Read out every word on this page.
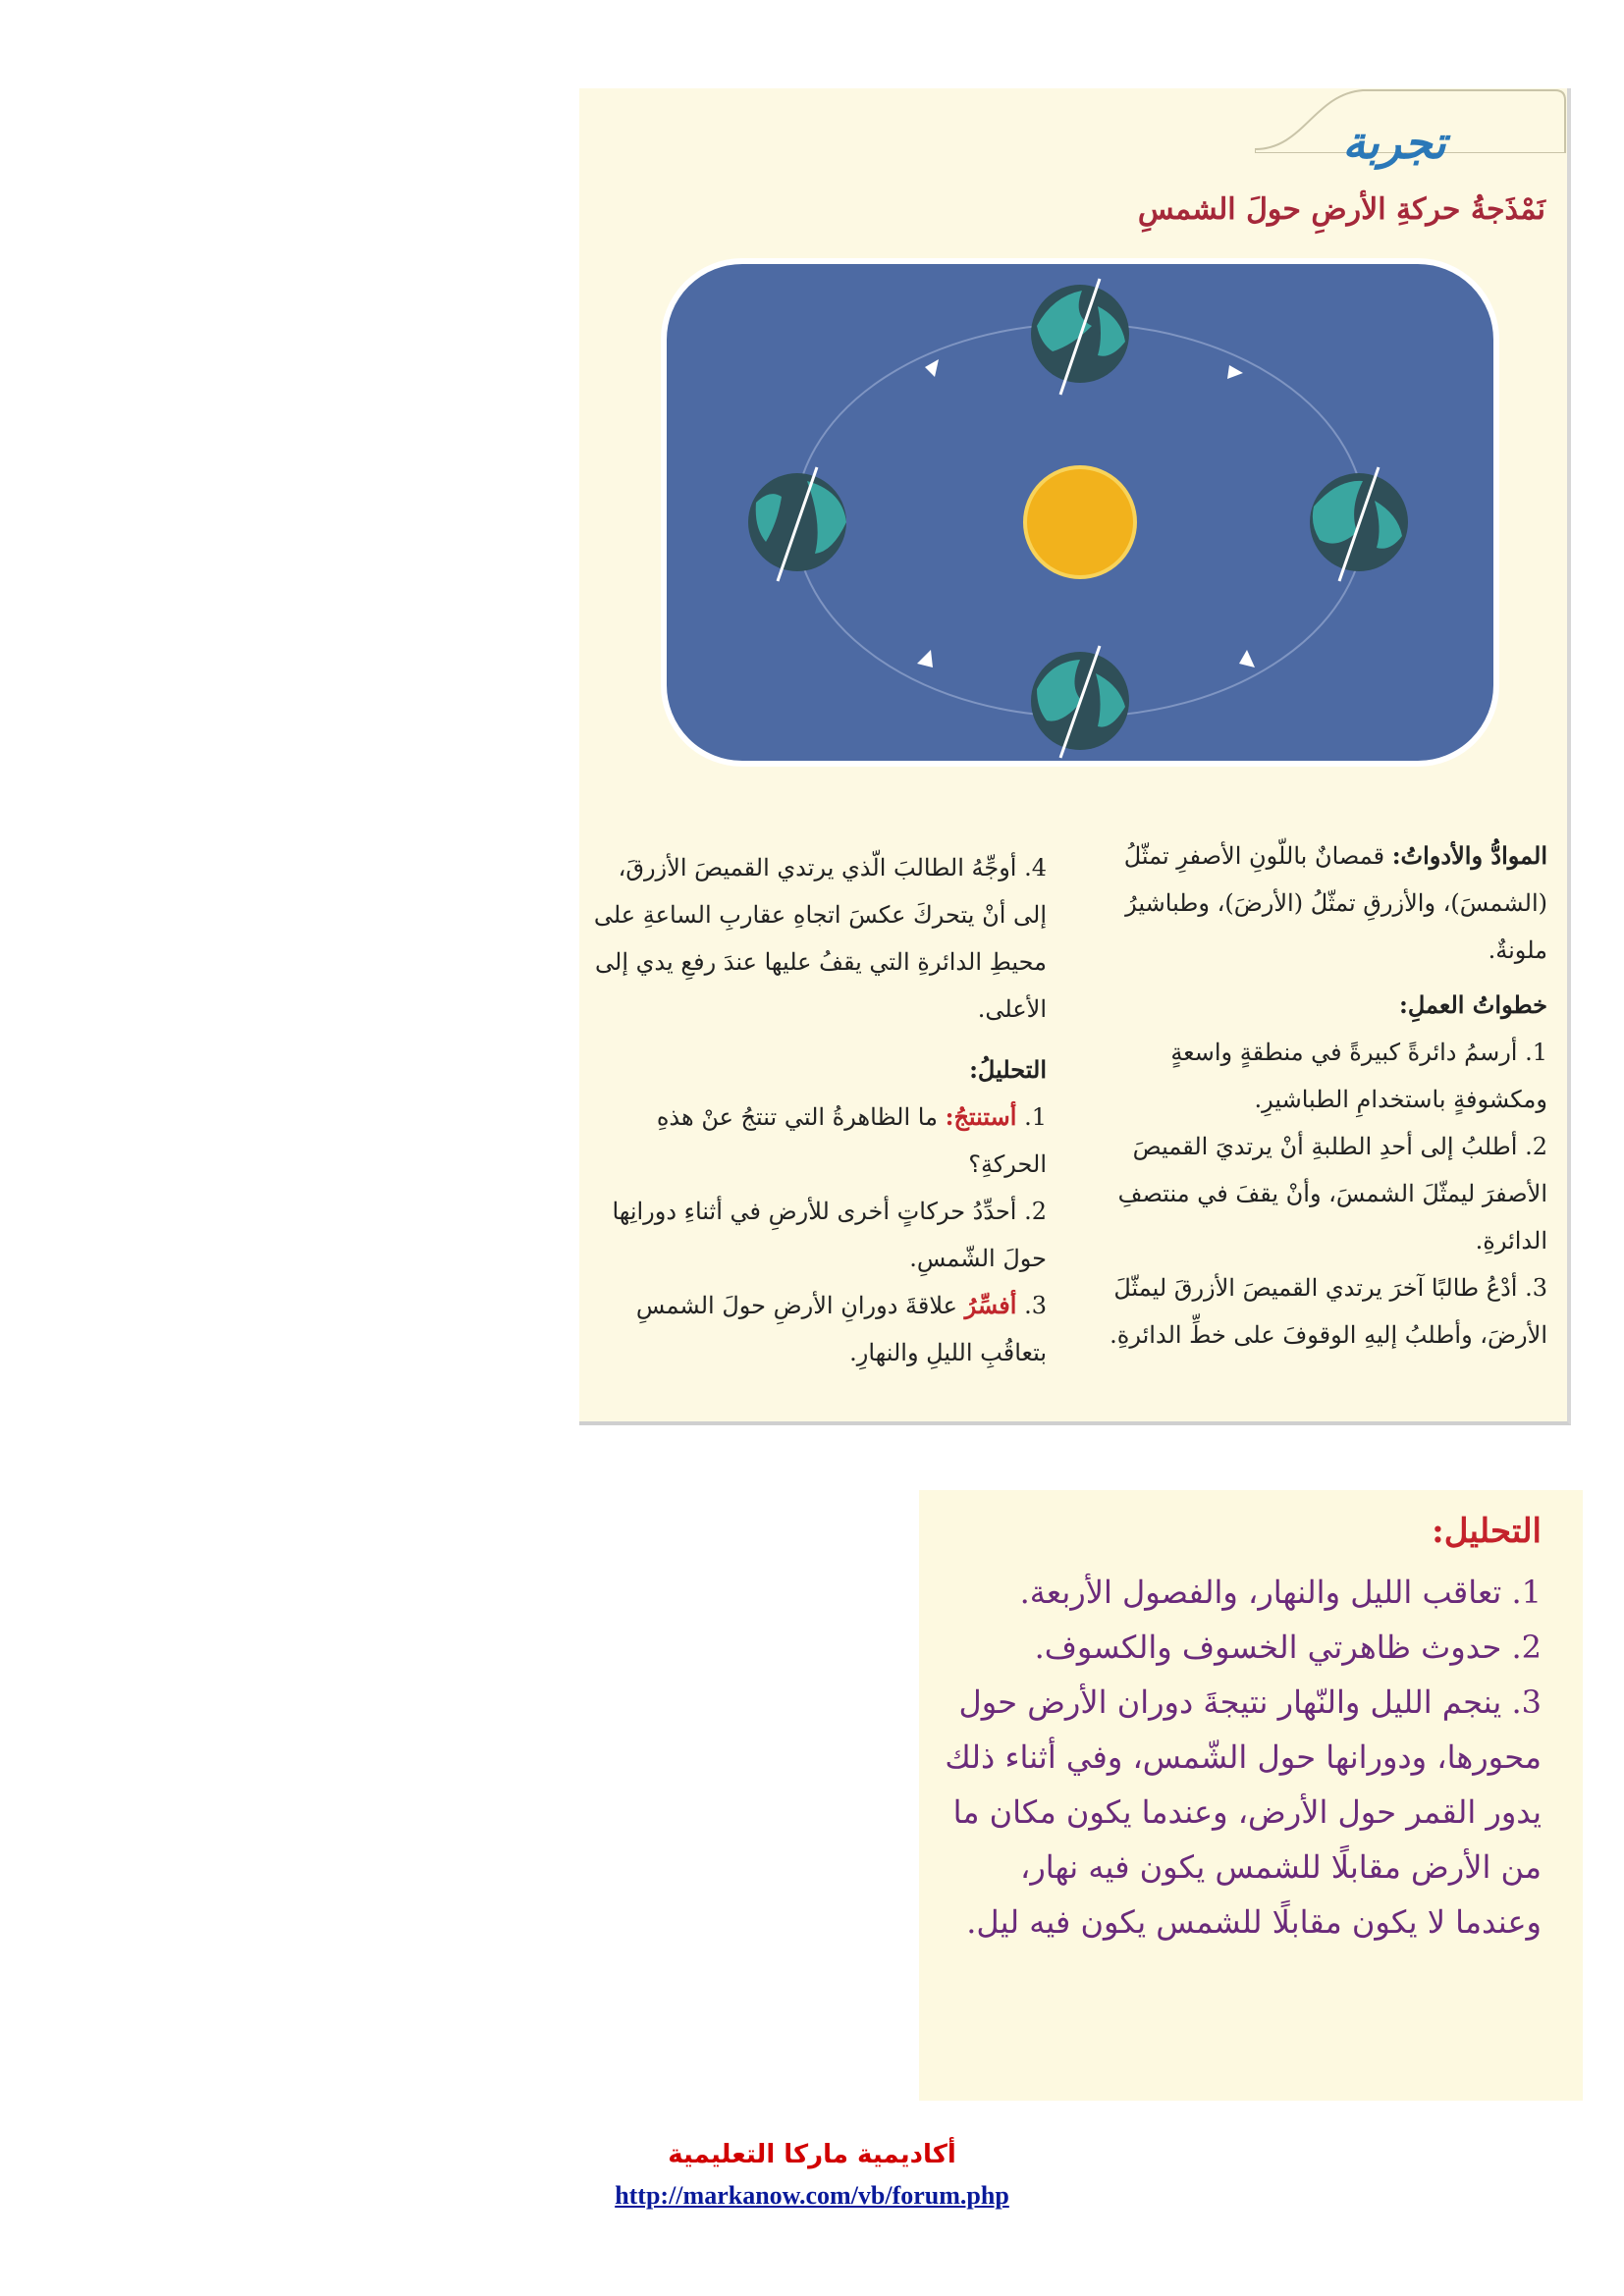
تجربة
نَمْذَجةُ حركةِ الأرضِ حولَ الشمسِ

الموادُّ والأدواتُ: قمصانٌ باللّونِ الأصفرِ تمثّلُ (الشمسَ)، والأزرقِ تمثّلُ (الأرضَ)، وطباشيرُ ملونةٌ.

خطواتُ العملِ:

1. أرسمُ دائرةً كبيرةً في منطقةٍ واسعةٍ ومكشوفةٍ باستخدامِ الطباشيرِ.

2. أطلبُ إلى أحدِ الطلبةِ أنْ يرتديَ القميصَ الأصفرَ ليمثّلَ الشمسَ، وأنْ يقفَ في منتصفِ الدائرةِ.

3. أدْعُ طالبًا آخرَ يرتدي القميصَ الأزرقَ ليمثّلَ الأرضَ، وأطلبُ إليهِ الوقوفَ على خطِّ الدائرةِ.

4. أوجِّهُ الطالبَ الّذي يرتدي القميصَ الأزرقَ، إلى أنْ يتحركَ عكسَ اتجاهِ عقاربِ الساعةِ على محيطِ الدائرةِ التي يقفُ عليها عندَ رفعِ يدي إلى الأعلى.

التحليلُ:

1. أستنتجُ: ما الظاهرةُ التي تنتجُ عنْ هذهِ الحركةِ؟

2. أحدِّدُ حركاتٍ أخرى للأرضِ في أثناءِ دورانِها حولَ الشّمسِ.

3. أفسِّرُ علاقةَ دورانِ الأرضِ حولَ الشمسِ بتعاقُبِ الليلِ والنهارِ.

التحليل:

1. تعاقب الليل والنهار، والفصول الأربعة.

2. حدوث ظاهرتي الخسوف والكسوف.

3. ينجم الليل والنّهار نتيجةَ دوران الأرض حول محورها، ودورانها حول الشّمس، وفي أثناء ذلك يدور القمر حول الأرض، وعندما يكون مكان ما من الأرض مقابلًا للشمس يكون فيه نهار، وعندما لا يكون مقابلًا للشمس يكون فيه ليل.

أكاديمية ماركا التعليمية
http://markanow.com/vb/forum.php
